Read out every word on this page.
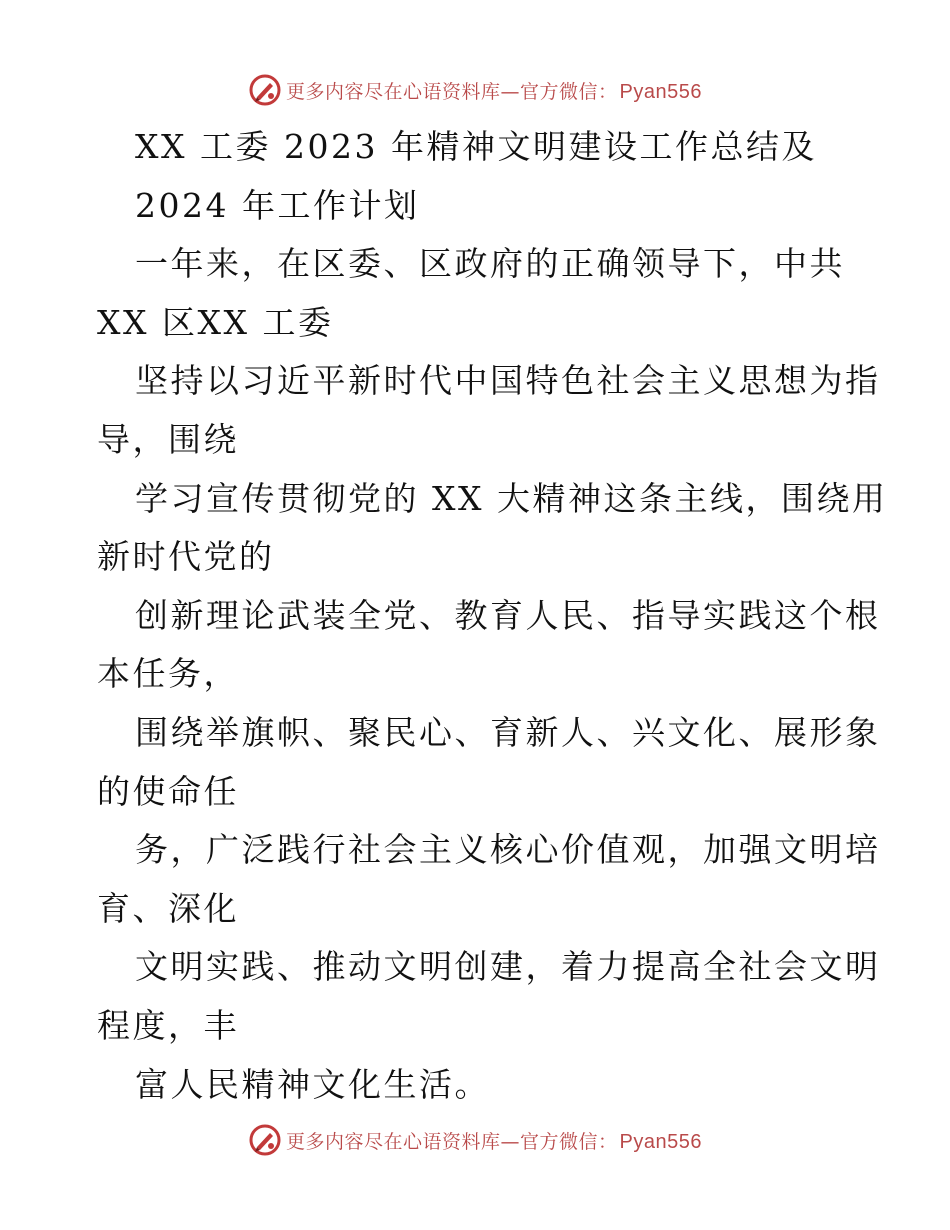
更多内容尽在心语资料库—官方微信： Pyan556
XX 工委 2023 年精神文明建设工作总结及
2024 年工作计划
一年来，在区委、区政府的正确领导下，中共
XX 区XX 工委
坚持以习近平新时代中国特色社会主义思想为指
导，围绕
学习宣传贯彻党的 XX 大精神这条主线，围绕用
新时代党的
创新理论武装全党、教育人民、指导实践这个根
本任务，
围绕举旗帜、聚民心、育新人、兴文化、展形象
的使命任
务，广泛践行社会主义核心价值观，加强文明培
育、深化
文明实践、推动文明创建，着力提高全社会文明
程度，丰
富人民精神文化生活。
更多内容尽在心语资料库—官方微信： Pyan556
